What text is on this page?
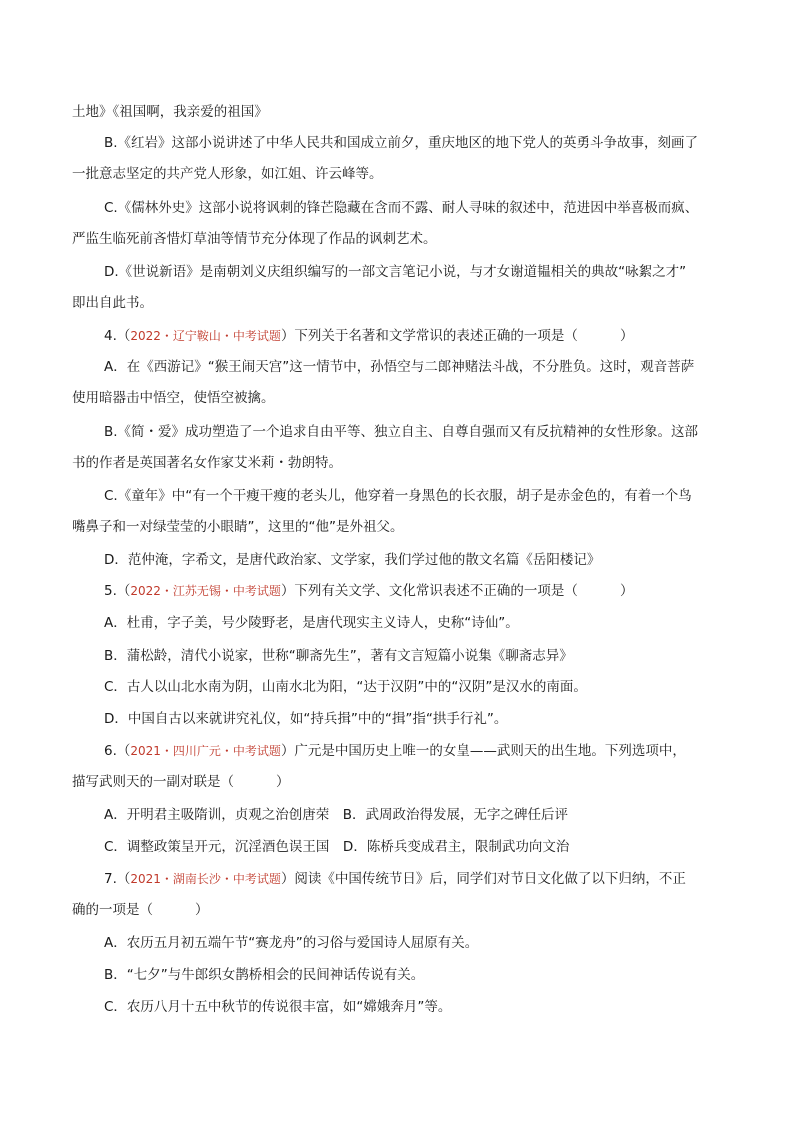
土地》《祖国啊，我亲爱的祖国》
B.《红岩》这部小说讲述了中华人民共和国成立前夕，重庆地区的地下党人的英勇斗争故事，刻画了
一批意志坚定的共产党人形象，如江姐、许云峰等。
C.《儒林外史》这部小说将讽刺的锋芒隐藏在含而不露、耐人寻味的叙述中，范进因中举喜极而疯、
严监生临死前吝惜灯草油等情节充分体现了作品的讽刺艺术。
D.《世说新语》是南朝刘义庆组织编写的一部文言笔记小说，与才女谢道韫相关的典故“咏絮之才”
即出自此书。
4.（2022・辽宁鞍山・中考试题）下列关于名著和文学常识的表述正确的一项是（	）
A．在《西游记》“猴王闹天宫”这一情节中，孙悟空与二郎神赌法斗战，不分胜负。这时，观音菩萨
使用暗器击中悟空，使悟空被擒。
B.《简・爱》成功塑造了一个追求自由平等、独立自主、自尊自强而又有反抗精神的女性形象。这部
书的作者是英国著名女作家艾米莉・勃朗特。
C.《童年》中“有一个干瘦干瘦的老头儿，他穿着一身黑色的长衣服，胡子是赤金色的，有着一个鸟
嘴鼻子和一对绿莹莹的小眼睛”，这里的“他”是外祖父。
D．范仲淹，字希文，是唐代政治家、文学家，我们学过他的散文名篇《岳阳楼记》
5.（2022・江苏无锡・中考试题）下列有关文学、文化常识表述不正确的一项是（	）
A．杜甫，字子美，号少陵野老，是唐代现实主义诗人，史称“诗仙”。
B．蒲松龄，清代小说家，世称“聊斋先生”，著有文言短篇小说集《聊斋志异》
C．古人以山北水南为阴，山南水北为阳，“达于汉阴”中的“汉阴”是汉水的南面。
D．中国自古以来就讲究礼仪，如“持兵揖”中的“揖”指“拱手行礼”。
6.（2021・四川广元・中考试题）广元是中国历史上唯一的女皇——武则天的出生地。下列选项中，
描写武则天的一副对联是（	）
A．开明君主吸隋训，贞观之治创唐荣　B．武周政治得发展，无字之碑任后评
C．调整政策呈开元，沉淫酒色误王国　D．陈桥兵变成君主，限制武功向文治
7.（2021・湖南长沙・中考试题）阅读《中国传统节日》后，同学们对节日文化做了以下归纳，不正
确的一项是（	）
A．农历五月初五端午节“赛龙舟”的习俗与爱国诗人屈原有关。
B．“七夕”与牛郎织女鹊桥相会的民间神话传说有关。
C．农历八月十五中秋节的传说很丰富，如“嫦娥奔月”等。
